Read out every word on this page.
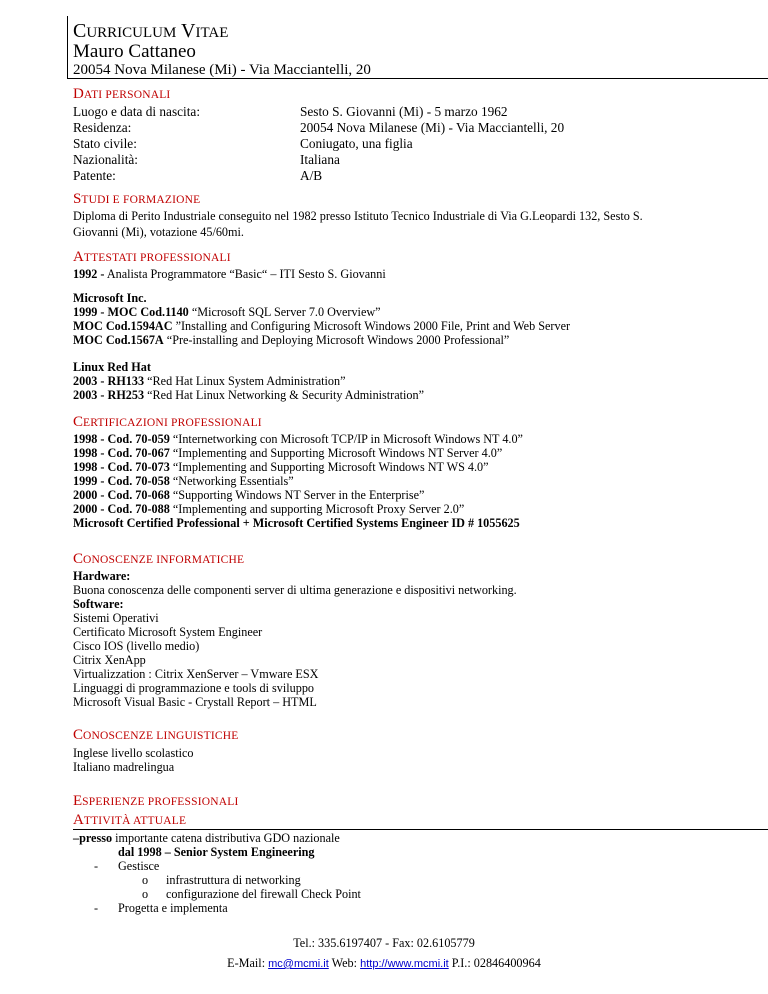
CURRICULUM VITAE
Mauro Cattaneo
20054 Nova Milanese (Mi) - Via Macciantelli, 20
DATI PERSONALI
Luogo e data di nascita:	Sesto S. Giovanni (Mi) - 5 marzo 1962
Residenza:	20054 Nova Milanese (Mi) - Via Macciantelli, 20
Stato civile:	Coniugato, una figlia
Nazionalità:	Italiana
Patente:	A/B
STUDI E FORMAZIONE
Diploma di Perito Industriale conseguito nel 1982 presso Istituto Tecnico Industriale di Via G.Leopardi 132, Sesto S. Giovanni (Mi), votazione 45/60mi.
ATTESTATI PROFESSIONALI
1992 - Analista Programmatore “Basic“ – ITI Sesto S. Giovanni
Microsoft Inc.
1999 - MOC Cod.1140 “Microsoft SQL Server 7.0 Overview”
MOC Cod.1594AC ”Installing and Configuring Microsoft Windows 2000 File, Print and Web Server
MOC Cod.1567A “Pre-installing and Deploying Microsoft Windows 2000 Professional”
Linux Red Hat
2003 - RH133 “Red Hat Linux System Administration”
2003 - RH253 “Red Hat Linux Networking & Security Administration”
CERTIFICAZIONI PROFESSIONALI
1998 - Cod. 70-059 “Internetworking con Microsoft TCP/IP in Microsoft Windows NT 4.0”
1998 - Cod. 70-067 “Implementing and Supporting Microsoft Windows NT Server 4.0”
1998 - Cod. 70-073 “Implementing and Supporting Microsoft Windows NT WS 4.0”
1999 - Cod. 70-058 “Networking Essentials”
2000 - Cod. 70-068 “Supporting Windows NT Server in the Enterprise”
2000 - Cod. 70-088 “Implementing and supporting Microsoft Proxy Server 2.0”
Microsoft Certified Professional + Microsoft Certified Systems Engineer ID # 1055625
CONOSCENZE INFORMATICHE
Hardware:
Buona conoscenza delle componenti server di ultima generazione e dispositivi networking.
Software:
Sistemi Operativi
Certificato Microsoft System Engineer
Cisco IOS (livello medio)
Citrix XenApp
Virtualizzation : Citrix XenServer – Vmware ESX
Linguaggi di programmazione e tools di sviluppo
Microsoft Visual Basic - Crystall Report – HTML
CONOSCENZE LINGUISTICHE
Inglese livello scolastico
Italiano madrelingua
ESPERIENZE PROFESSIONALI
ATTIVITÀ ATTUALE
–presso importante catena distributiva GDO nazionale
dal 1998 – Senior System Engineering
- Gestisce
o infrastruttura di networking
o configurazione del firewall Check Point
- Progetta e implementa
Tel.: 335.6197407 - Fax: 02.6105779
E-Mail: mc@mcmi.it Web: http://www.mcmi.it P.I.: 02846400964
